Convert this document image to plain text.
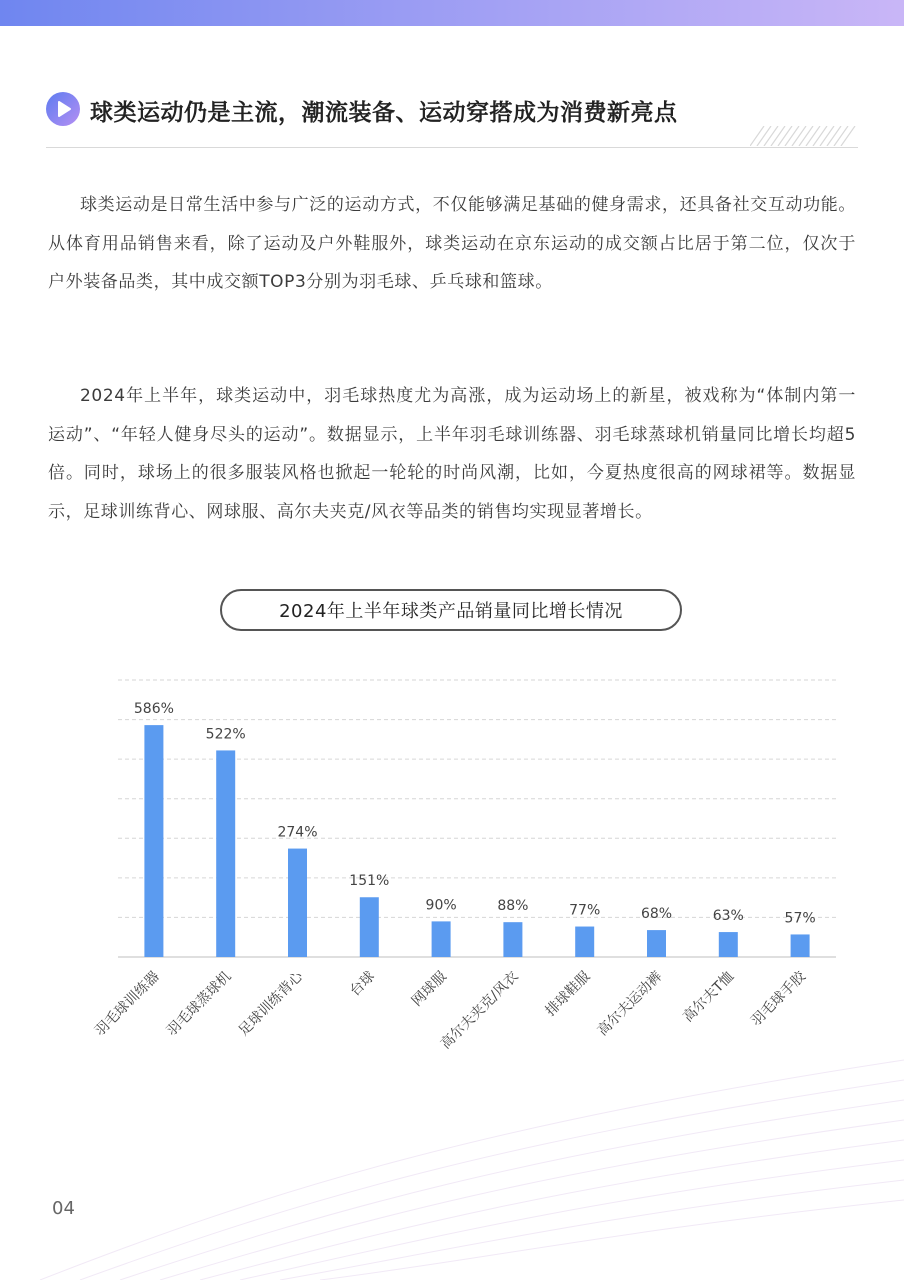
球类运动仍是主流，潮流装备、运动穿搭成为消费新亮点

球类运动是日常生活中参与广泛的运动方式，不仅能够满足基础的健身需求，还具备社交互动功能。从体育用品销售来看，除了运动及户外鞋服外，球类运动在京东运动的成交额占比居于第二位，仅次于户外装备品类，其中成交额TOP3分别为羽毛球、乒乓球和篮球。

2024年上半年，球类运动中，羽毛球热度尤为高涨，成为运动场上的新星，被戏称为“体制内第一运动”、“年轻人健身尽头的运动”。数据显示，上半年羽毛球训练器、羽毛球蒸球机销量同比增长均超5倍。同时，球场上的很多服装风格也掀起一轮轮的时尚风潮，比如，今夏热度很高的网球裙等。数据显示，足球训练背心、网球服、高尔夫夹克/风衣等品类的销售均实现显著增长。

2024年上半年球类产品销量同比增长情况
586%
522%
274%
151%
90%	88%	77%	68%	63%	57%
羽毛球训练器 羽毛球蒸球机 足球训练背心	台球 网球服
高尔夫夹克/风衣 排球鞋服 高尔夫运动裤 高尔夫T恤 羽毛球手胶
04
